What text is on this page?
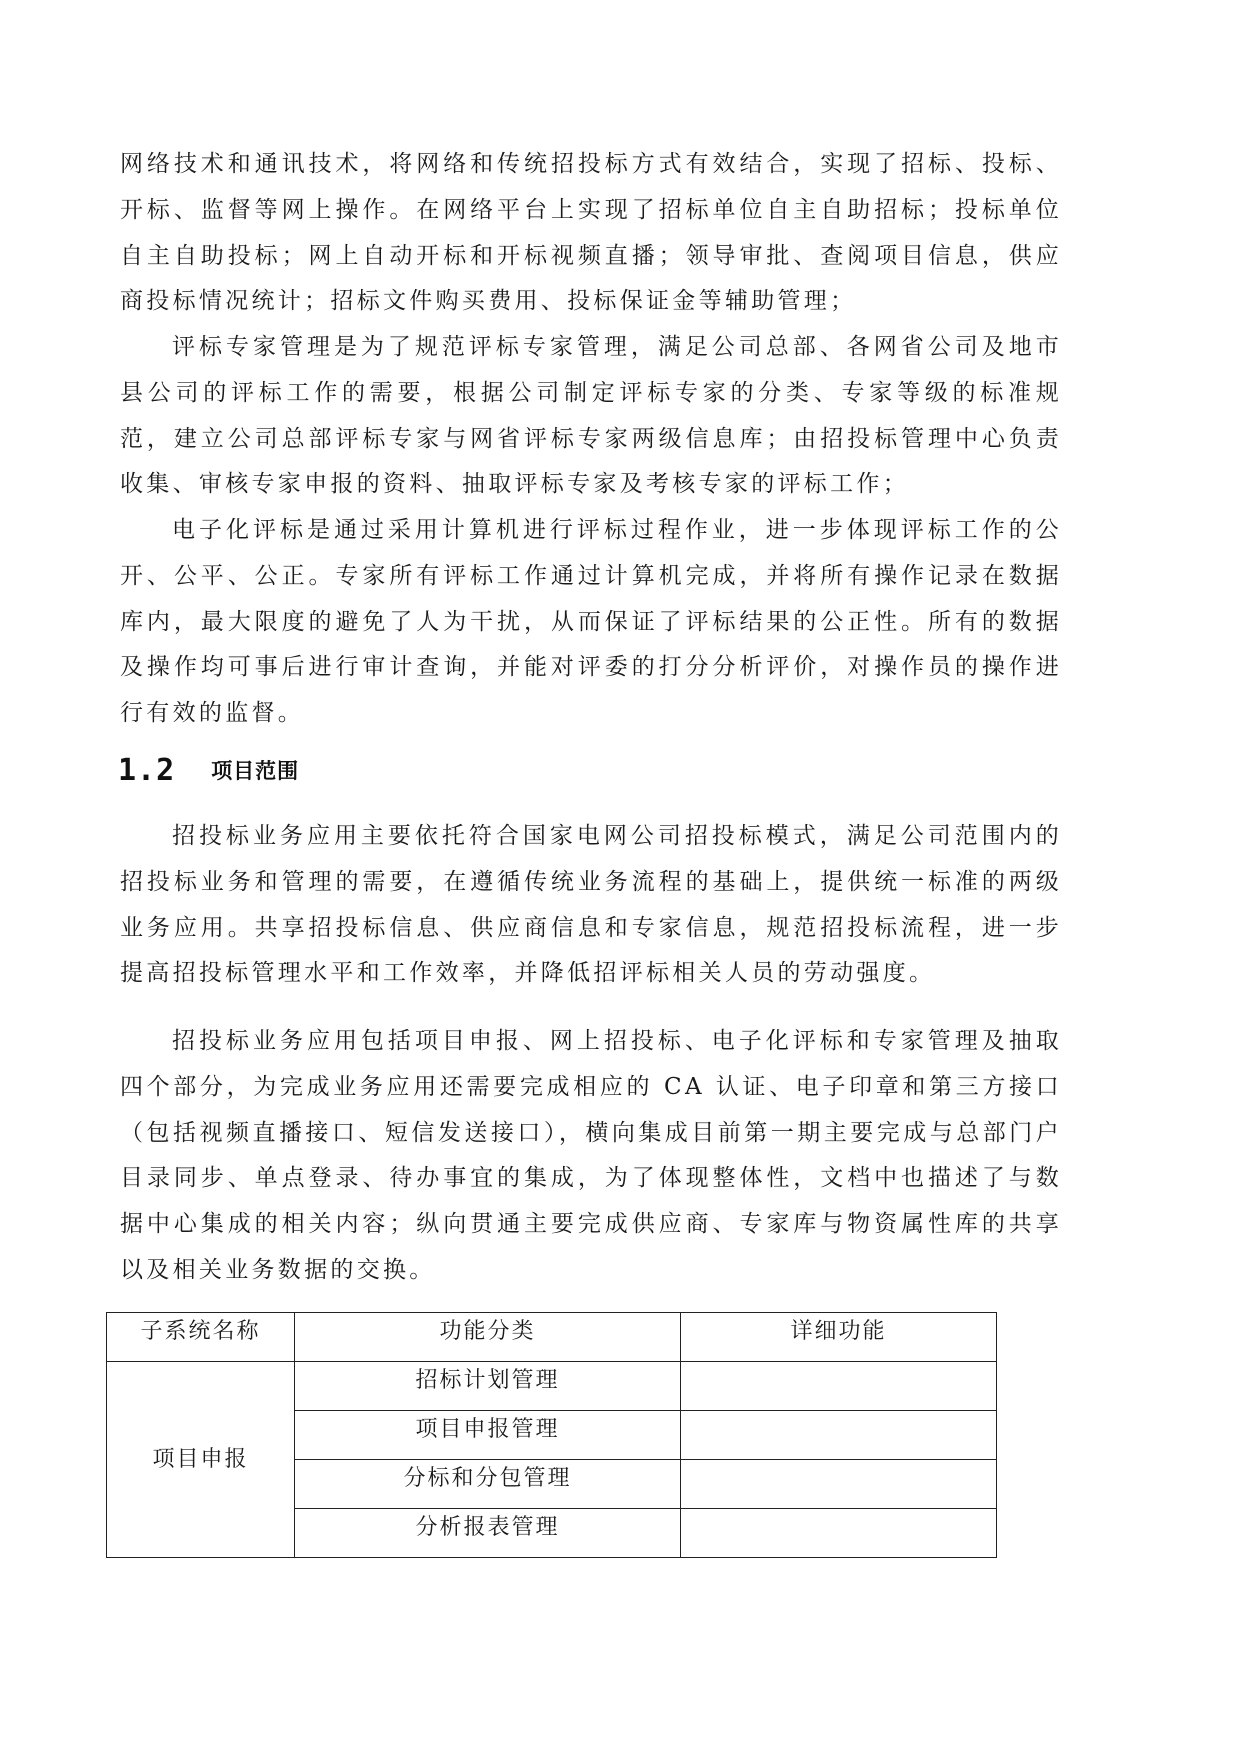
网络技术和通讯技术，将网络和传统招投标方式有效结合，实现了招标、投标、开标、监督等网上操作。在网络平台上实现了招标单位自主自助招标；投标单位自主自助投标；网上自动开标和开标视频直播；领导审批、查阅项目信息，供应商投标情况统计；招标文件购买费用、投标保证金等辅助管理；

评标专家管理是为了规范评标专家管理，满足公司总部、各网省公司及地市县公司的评标工作的需要，根据公司制定评标专家的分类、专家等级的标准规范，建立公司总部评标专家与网省评标专家两级信息库；由招投标管理中心负责收集、审核专家申报的资料、抽取评标专家及考核专家的评标工作；

电子化评标是通过采用计算机进行评标过程作业，进一步体现评标工作的公开、公平、公正。专家所有评标工作通过计算机完成，并将所有操作记录在数据库内，最大限度的避免了人为干扰，从而保证了评标结果的公正性。所有的数据及操作均可事后进行审计查询，并能对评委的打分分析评价，对操作员的操作进行有效的监督。

1.2 项目范围

招投标业务应用主要依托符合国家电网公司招投标模式，满足公司范围内的招投标业务和管理的需要，在遵循传统业务流程的基础上，提供统一标准的两级业务应用。共享招投标信息、供应商信息和专家信息，规范招投标流程，进一步提高招投标管理水平和工作效率，并降低招评标相关人员的劳动强度。

招投标业务应用包括项目申报、网上招投标、电子化评标和专家管理及抽取四个部分，为完成业务应用还需要完成相应的 CA 认证、电子印章和第三方接口（包括视频直播接口、短信发送接口），横向集成目前第一期主要完成与总部门户目录同步、单点登录、待办事宜的集成，为了体现整体性，文档中也描述了与数据中心集成的相关内容；纵向贯通主要完成供应商、专家库与物资属性库的共享以及相关业务数据的交换。

子系统名称	功能分类	详细功能
项目申报	招标计划管理	
	项目申报管理	
	分标和分包管理	
	分析报表管理	
